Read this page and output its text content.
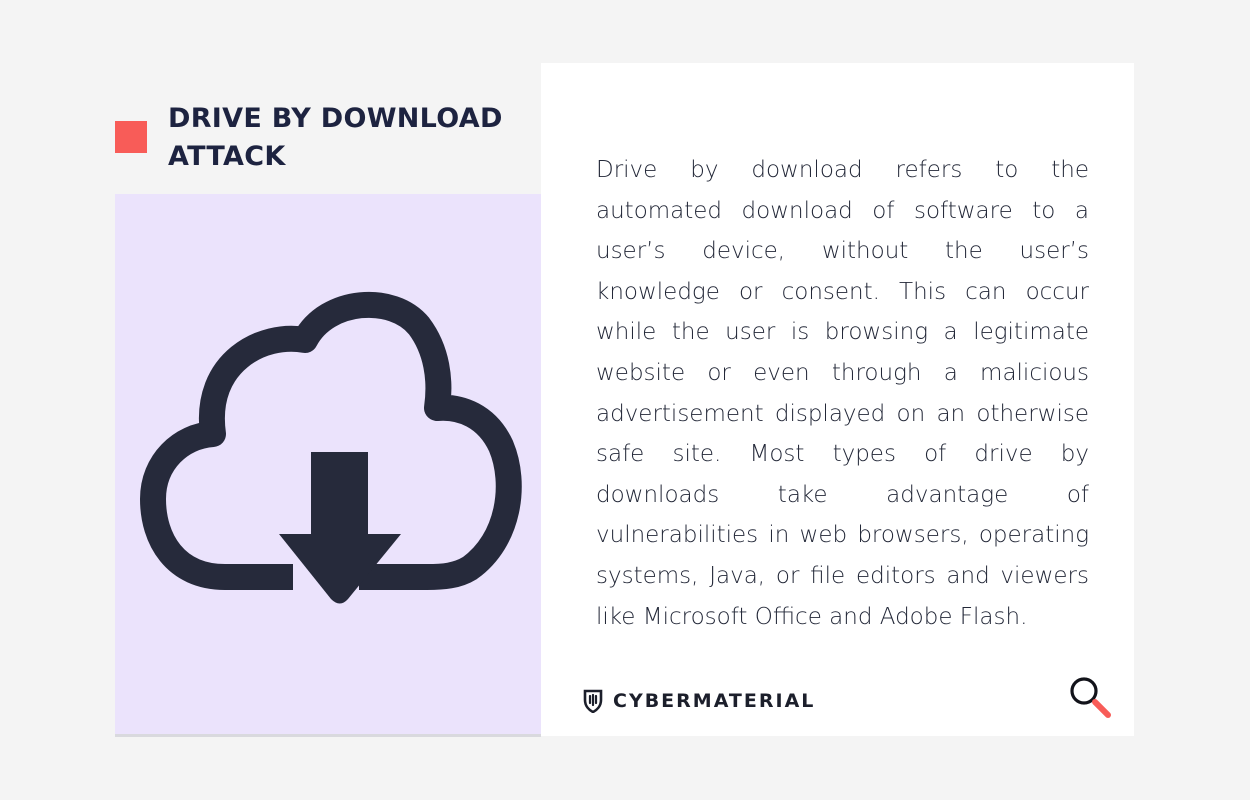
DRIVE BY DOWNLOAD ATTACK	Drive by download refers to the automated download of software to a user’s device, without the user’s knowledge or consent. This can occur while the user is browsing a legitimate website or even through a malicious advertisement displayed on an otherwise safe site. Most types of drive by downloads take advantage of vulnerabilities in web browsers, operating systems, Java, or file editors and viewers like Microsoft Office and Adobe Flash.

CYBERMATERIAL
